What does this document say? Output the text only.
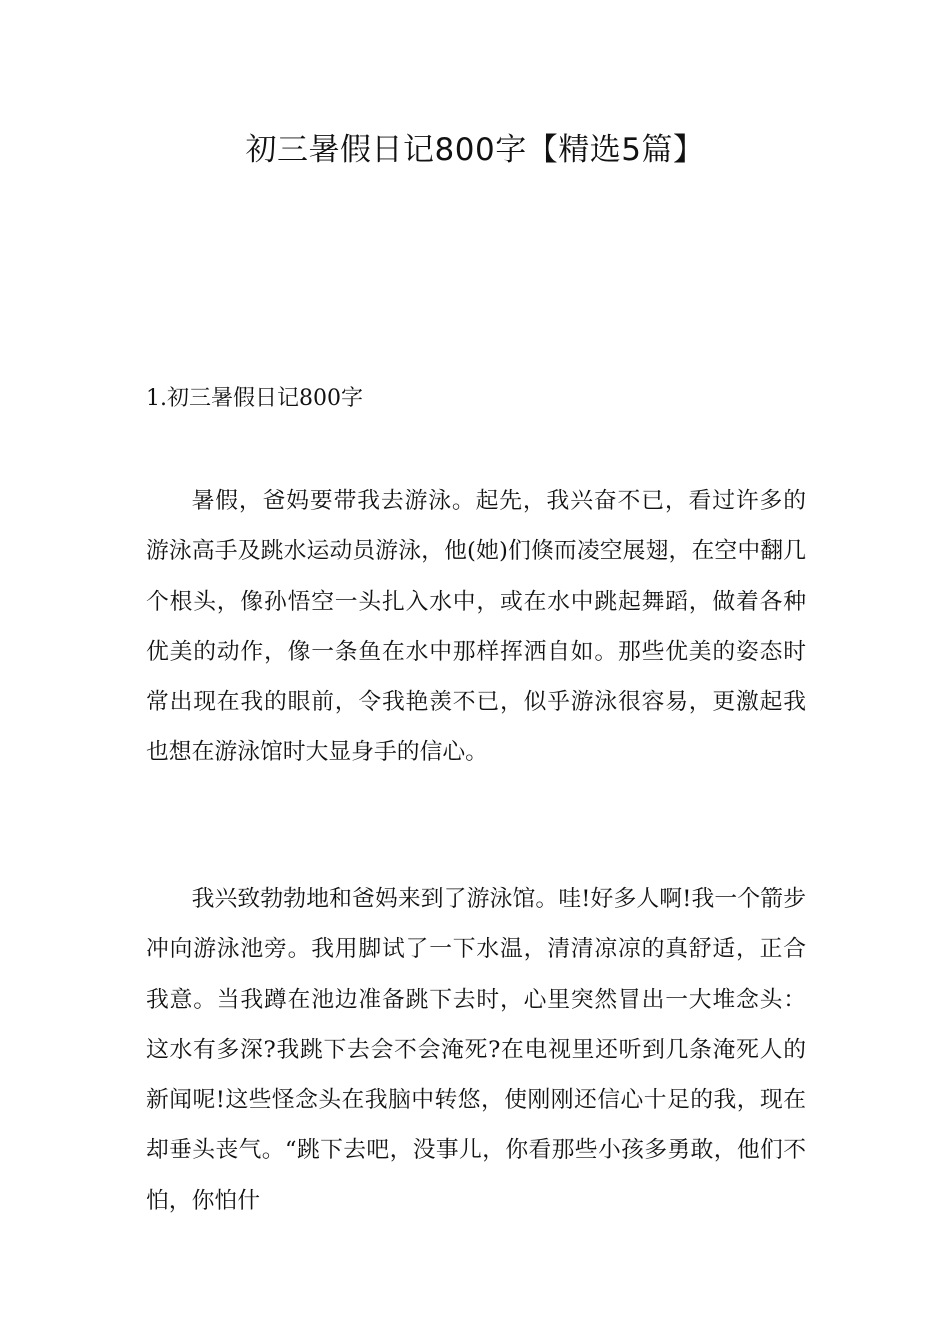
初三暑假日记800字【精选5篇】
1.初三暑假日记800字

暑假，爸妈要带我去游泳。起先，我兴奋不已，看过许多的游泳高手及跳水运动员游泳，他(她)们倏而凌空展翅，在空中翻几个根头，像孙悟空一头扎入水中，或在水中跳起舞蹈，做着各种优美的动作，像一条鱼在水中那样挥洒自如。那些优美的姿态时常出现在我的眼前，令我艳羡不已，似乎游泳很容易，更激起我也想在游泳馆时大显身手的信心。

我兴致勃勃地和爸妈来到了游泳馆。哇!好多人啊!我一个箭步冲向游泳池旁。我用脚试了一下水温，清清凉凉的真舒适，正合我意。当我蹲在池边准备跳下去时，心里突然冒出一大堆念头：这水有多深?我跳下去会不会淹死?在电视里还听到几条淹死人的新闻呢!这些怪念头在我脑中转悠，使刚刚还信心十足的我，现在却垂头丧气。“跳下去吧，没事儿，你看那些小孩多勇敢，他们不怕，你怕什
